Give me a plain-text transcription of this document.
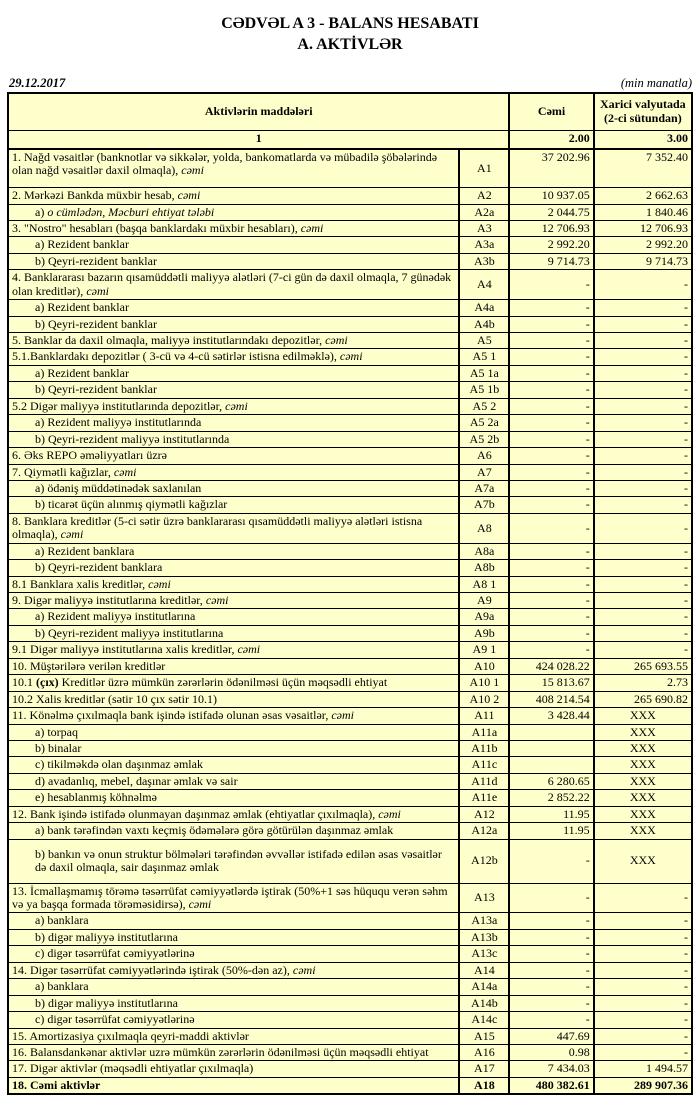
CƏDVƏL A 3 - BALANS HESABATI
A. AKTİVLƏR
29.12.2017	(min manatla)
Aktivlərin maddələri		Cəmi	Xarici valyutada (2-ci sütundan)
1		2.00	3.00
1. Nağd vəsaitlər (banknotlar və sikkələr, yolda, bankomatlarda və mübadilə şöbələrində olan nağd vəsaitlər daxil olmaqla), cəmi	A1	37 202.96	7 352.40
2. Mərkəzi Bankda müxbir hesab, cəmi	A2	10 937.05	2 662.63
a) o cümlədən, Məcburi ehtiyat tələbi	A2a	2 044.75	1 840.46
3. "Nostro" hesabları (başqa banklardakı müxbir hesabları), cəmi	A3	12 706.93	12 706.93
a) Rezident banklar	A3a	2 992.20	2 992.20
b) Qeyri-rezident banklar	A3b	9 714.73	9 714.73
4. Banklararası bazarın qısamüddətli maliyyə alətləri (7-ci gün də daxil olmaqla, 7 günədək olan kreditlər), cəmi	A4	-	-
a) Rezident banklar	A4a	-	-
b) Qeyri-rezident banklar	A4b	-	-
5. Banklar da daxil olmaqla, maliyyə institutlarındakı depozitlər, cəmi	A5	-	-
5.1.Banklardakı depozitlər ( 3-cü və 4-cü sətirlər istisna edilməklə), cəmi	A5 1	-	-
a) Rezident banklar	A5 1a	-	-
b) Qeyri-rezident banklar	A5 1b	-	-
5.2 Digər maliyyə institutlarında depozitlər, cəmi	A5 2	-	-
a) Rezident maliyyə institutlarında	A5 2a	-	-
b) Qeyri-rezident maliyyə institutlarında	A5 2b	-	-
6. Əks REPO əməliyyatları üzrə	A6	-	-
7. Qiymətli kağızlar, cəmi	A7	-	-
a) ödəniş müddətinədək saxlanılan	A7a	-	-
b) ticarət üçün alınmış qiymətli kağızlar	A7b	-	-
8. Banklara kreditlər (5-ci sətir üzrə banklararası qısamüddətli maliyyə alətləri istisna olmaqla), cəmi	A8	-	-
a) Rezident banklara	A8a	-	-
b) Qeyri-rezident banklara	A8b	-	-
8.1 Banklara xalis kreditlər, cəmi	A8 1	-	-
9. Digər maliyyə institutlarına kreditlər, cəmi	A9	-	-
a) Rezident maliyyə institutlarına	A9a	-	-
b) Qeyri-rezident maliyyə institutlarına	A9b	-	-
9.1 Digər maliyyə institutlarına xalis kreditlər, cəmi	A9 1	-	-
10. Müştərilərə verilən kreditlər	A10	424 028.22	265 693.55
10.1 (çıx) Kreditlər üzrə mümkün zərərlərin ödənilməsi üçün məqsədli ehtiyat	A10 1	15 813.67	2.73
10.2 Xalis kreditlər (sətir 10 çıx sətir 10.1)	A10 2	408 214.54	265 690.82
11. Könəlmə çıxılmaqla bank işində istifadə olunan əsas vəsaitlər, cəmi	A11	3 428.44	XXX
a) torpaq	A11a		XXX
b) binalar	A11b		XXX
c) tikilməkdə olan daşınmaz əmlak	A11c		XXX
d) avadanlıq, mebel, daşınar əmlak və sair	A11d	6 280.65	XXX
e) hesablanmış köhnəlmə	A11e	2 852.22	XXX
12. Bank işində istifadə olunmayan daşınmaz əmlak (ehtiyatlar çıxılmaqla), cəmi	A12	11.95	XXX
a) bank tərəfindən vaxtı keçmiş ödəmələrə görə götürülən daşınmaz əmlak	A12a	11.95	XXX
b) bankın və onun struktur bölmələri tərəfindən əvvəllər istifadə edilən əsas vəsaitlər də daxil olmaqla, sair daşınmaz əmlak	A12b	-	XXX
13. İcmallaşmamış törəmə təsərrüfat cəmiyyətlərdə iştirak (50%+1 səs hüququ verən səhm və ya başqa formada törəməsidirsə), cəmi	A13	-	-
a) banklara	A13a	-	-
b) digər maliyyə institutlarına	A13b	-	-
c) digər təsərrüfat cəmiyyətlərinə	A13c	-	-
14. Digər təsərrüfat cəmiyyətlərində iştirak (50%-dən az), cəmi	A14	-	-
a) banklara	A14a	-	-
b) digər maliyyə institutlarına	A14b	-	-
c) digər təsərrüfat cəmiyyətlərinə	A14c	-	-
15. Amortizasiya çıxılmaqla qeyri-maddi aktivlər	A15	447.69	-
16. Balansdankənar aktivlər uzrə mümkün zərərlərin ödənilməsi üçün məqsədli ehtiyat	A16	0.98	-
17. Digər aktivlər (məqsədli ehtiyatlar çıxılmaqla)	A17	7 434.03	1 494.57
18. Cəmi aktivlər	A18	480 382.61	289 907.36
